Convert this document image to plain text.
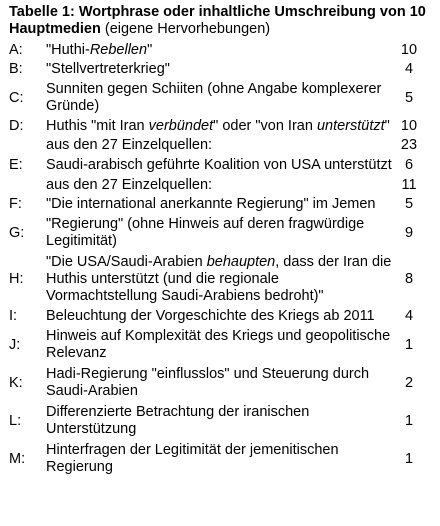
Tabelle 1: Wortphrase oder inhaltliche Umschreibung von 10 Hauptmedien (eigene Hervorhebungen)
A:	"Huthi-Rebellen"	10
B:	"Stellvertreterkrieg"	4
C:	Sunniten gegen Schiiten (ohne Angabe komplexerer Gründe)	5
D:	Huthis "mit Iran verbündet" oder "von Iran unterstützt"	10
	aus den 27 Einzelquellen:	23
E:	Saudi-arabisch geführte Koalition von USA unterstützt	6
	aus den 27 Einzelquellen:	11
F:	"Die international anerkannte Regierung" im Jemen	5
G:	"Regierung" (ohne Hinweis auf deren fragwürdige Legitimität)	9
H:	"Die USA/Saudi-Arabien behaupten, dass der Iran die Huthis unterstützt (und die regionale Vormachtstellung Saudi-Arabiens bedroht)"	8
I:	Beleuchtung der Vorgeschichte des Kriegs ab 2011	4
J:	Hinweis auf Komplexität des Kriegs und geopolitische Relevanz	1
K:	Hadi-Regierung "einflusslos" und Steuerung durch Saudi-Arabien	2
L:	Differenzierte Betrachtung der iranischen Unterstützung	1
M:	Hinterfragen der Legitimität der jemenitischen Regierung	1
